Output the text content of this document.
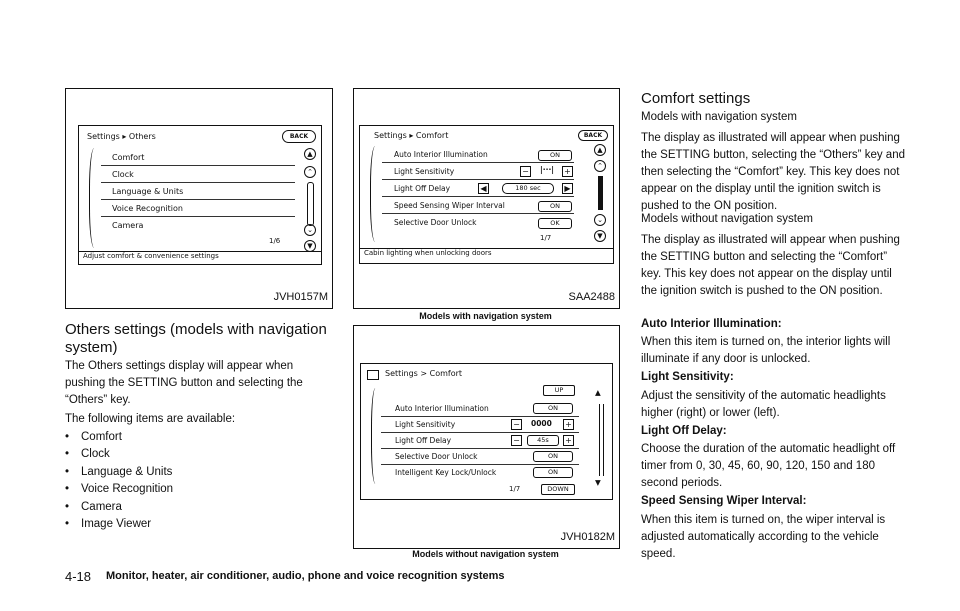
Settings ▸ Others	BACK
Comfort
Clock
Language & Units
Voice Recognition
Camera
1/6
▲
⌃
⌄
▼
Adjust comfort & convenience settings
JVH0157M
Settings ▸ Comfort	BACK
Auto Interior Illumination	ON
Light Sensitivity	− |···| +
Light Off Delay	◀	180 sec	▶
Speed Sensing Wiper Interval	ON
Selective Door Unlock	OK
1/7
▲
⌃
⌄
▼
Cabin lighting when unlocking doors
SAA2488
Models with navigation system
Settings > Comfort
UP
Auto Interior Illumination	ON
Light Sensitivity	− 0000 +
Light Off Delay	−	45s	+
Selective Door Unlock	ON
Intelligent Key Lock/Unlock	ON
1/7	DOWN
▲
▼
JVH0182M
Models without navigation system
Others settings (models with navigation
system)
The Others settings display will appear when pushing the SETTING button and selecting the “Others” key.
The following items are available:
• Comfort
• Clock
• Language & Units
• Voice Recognition
• Camera
• Image Viewer
Comfort settings
Models with navigation system
The display as illustrated will appear when pushing the SETTING button, selecting the “Others” key and then selecting the “Comfort” key. This key does not appear on the display until the ignition switch is pushed to the ON position.
Models without navigation system
The display as illustrated will appear when pushing the SETTING button and selecting the “Comfort” key. This key does not appear on the display until the ignition switch is pushed to the ON position.
Auto Interior Illumination:
When this item is turned on, the interior lights will illuminate if any door is unlocked.
Light Sensitivity:
Adjust the sensitivity of the automatic headlights higher (right) or lower (left).
Light Off Delay:
Choose the duration of the automatic headlight off timer from 0, 30, 45, 60, 90, 120, 150 and 180 second periods.
Speed Sensing Wiper Interval:
When this item is turned on, the wiper interval is adjusted automatically according to the vehicle speed.
4-18 Monitor, heater, air conditioner, audio, phone and voice recognition systems
